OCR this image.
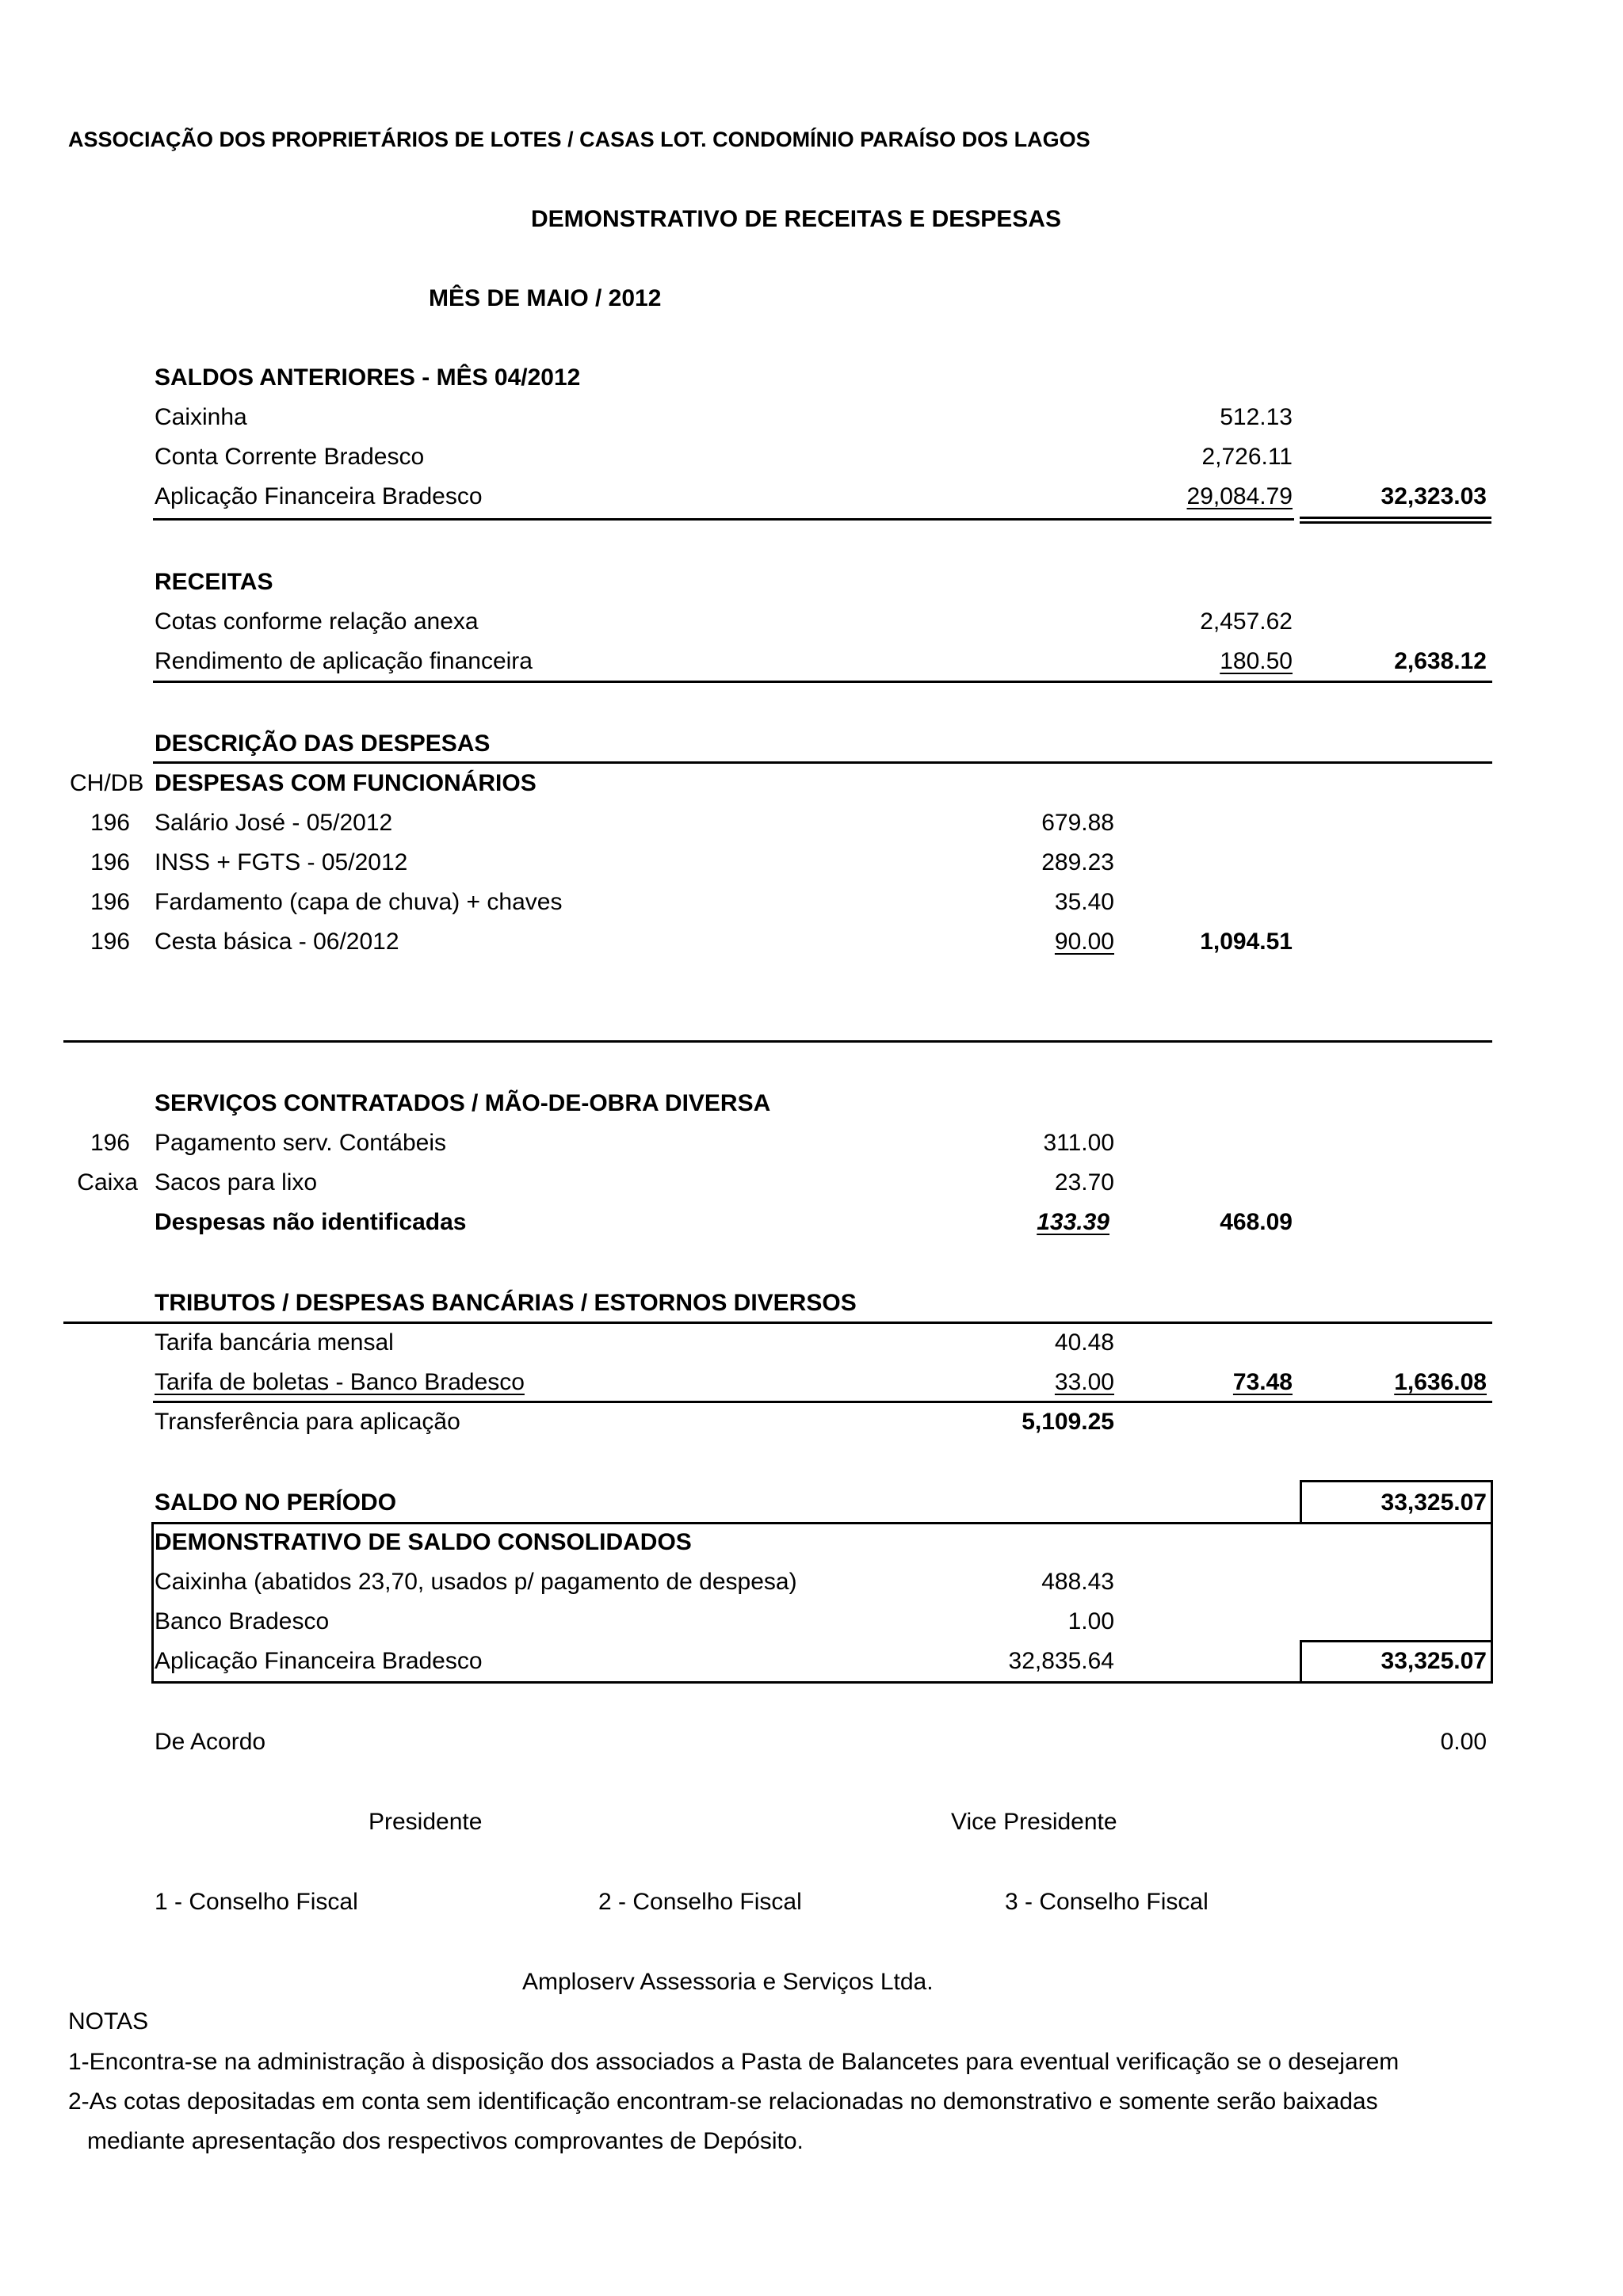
ASSOCIAÇÃO DOS PROPRIETÁRIOS DE LOTES / CASAS LOT. CONDOMÍNIO PARAÍSO DOS LAGOS
DEMONSTRATIVO DE RECEITAS E DESPESAS
MÊS DE MAIO / 2012
SALDOS ANTERIORES - MÊS 04/2012
Caixinha	512.13
Conta Corrente Bradesco	2,726.11
Aplicação Financeira Bradesco	29,084.79	32,323.03
RECEITAS
Cotas conforme relação anexa	2,457.62
Rendimento de aplicação financeira	180.50	2,638.12
DESCRIÇÃO DAS DESPESAS
CH/DB DESPESAS COM FUNCIONÁRIOS
196 Salário José - 05/2012	679.88
196 INSS + FGTS - 05/2012	289.23
196 Fardamento (capa de chuva) + chaves	35.40
196 Cesta básica - 06/2012	90.00	1,094.51
SERVIÇOS CONTRATADOS / MÃO-DE-OBRA DIVERSA
196 Pagamento serv. Contábeis	311.00
Caixa Sacos para lixo	23.70
Despesas não identificadas	133.39	468.09
TRIBUTOS / DESPESAS BANCÁRIAS / ESTORNOS DIVERSOS
Tarifa bancária mensal	40.48
Tarifa de boletas - Banco Bradesco	33.00	73.48	1,636.08
Transferência para aplicação	5,109.25
SALDO NO PERÍODO	33,325.07
DEMONSTRATIVO DE SALDO CONSOLIDADOS
Caixinha (abatidos 23,70, usados p/ pagamento de despesa)	488.43
Banco Bradesco	1.00
Aplicação Financeira Bradesco	32,835.64	33,325.07
De Acordo	0.00
Presidente	Vice Presidente
1 - Conselho Fiscal	2 - Conselho Fiscal	3 - Conselho Fiscal
Amploserv Assessoria e Serviços Ltda.
NOTAS
1-Encontra-se na administração à disposição dos associados a Pasta de Balancetes para eventual verificação se o desejarem
2-As cotas depositadas em conta sem identificação encontram-se relacionadas no demonstrativo e somente serão baixadas
mediante apresentação dos respectivos comprovantes de Depósito.
